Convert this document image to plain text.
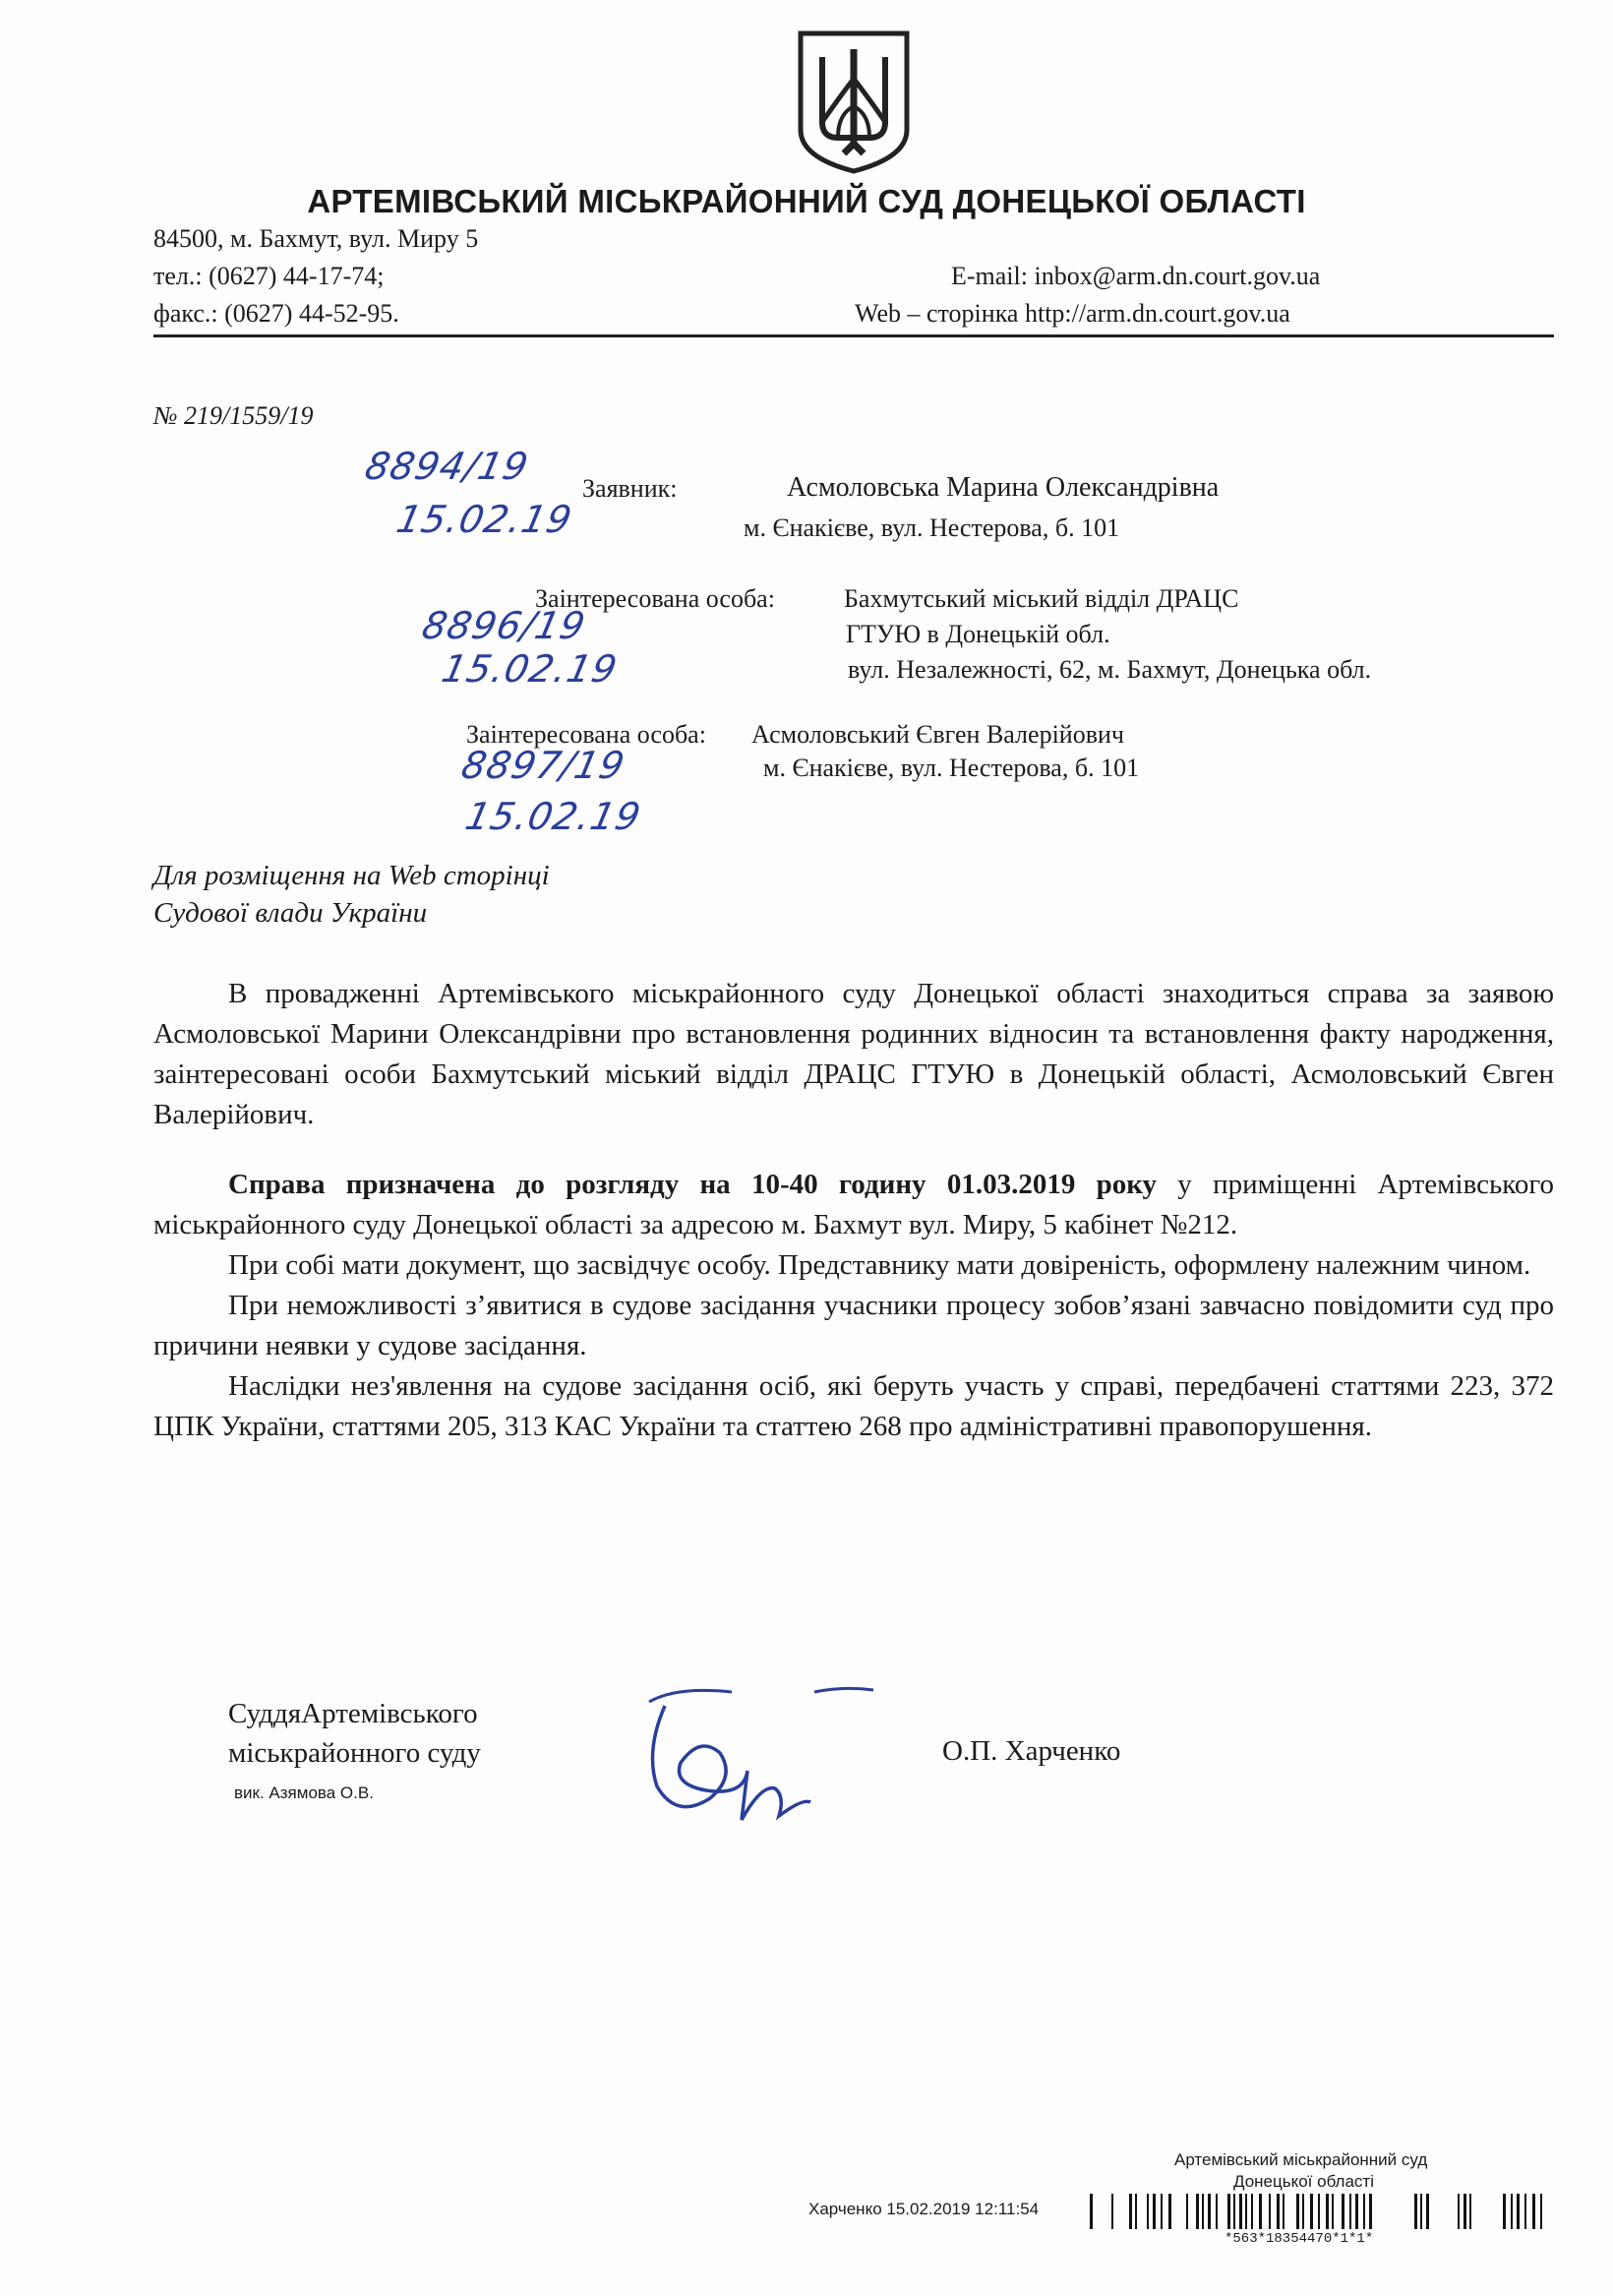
АРТЕМІВСЬКИЙ МІСЬКРАЙОННИЙ СУД ДОНЕЦЬКОЇ ОБЛАСТІ
84500, м. Бахмут, вул. Миру 5
тел.: (0627) 44-17-74;
факс.: (0627) 44-52-95.
E-mail: inbox@arm.dn.court.gov.ua
Web – сторінка http://arm.dn.court.gov.ua
№ 219/1559/19
8894/19
15.02.19
Заявник:	Асмоловська Марина Олександрівна
м. Єнакієве, вул. Нестерова, б. 101
8896/19
15.02.19
Заінтересована особа:	Бахмутський міський відділ ДРАЦС
ГТУЮ в Донецькій обл.
вул. Незалежності, 62, м. Бахмут, Донецька обл.
8897/19
15.02.19
Заінтересована особа: Асмоловський Євген Валерійович
м. Єнакієве, вул. Нестерова, б. 101
Для розміщення на Web сторінці
Судової влади України

В провадженні Артемівського міськрайонного суду Донецької області знаходиться справа за заявою Асмоловської Марини Олександрівни про встановлення родинних відносин та встановлення факту народження, заінтересовані особи Бахмутський міський відділ ДРАЦС ГТУЮ в Донецькій області, Асмоловський Євген Валерійович.

Справа призначена до розгляду на 10-40 годину 01.03.2019 року у приміщенні Артемівського міськрайонного суду Донецької області за адресою м. Бахмут вул. Миру, 5 кабінет №212.

При собі мати документ, що засвідчує особу. Представнику мати довіреність, оформлену належним чином.

При неможливості з’явитися в судове засідання учасники процесу зобов’язані завчасно повідомити суд про причини неявки у судове засідання.

Наслідки нез'явлення на судове засідання осіб, які беруть участь у справі, передбачені статтями 223, 372 ЦПК України, статтями 205, 313 КАС України та статтею 268 про адміністративні правопорушення.

СуддяАртемівського
міськрайонного суду
вик. Азямова О.В.
О.П. Харченко
Артемівський міськрайонний суд
Донецької області
Харченко 15.02.2019 12:11:54
*563*18354470*1*1*
